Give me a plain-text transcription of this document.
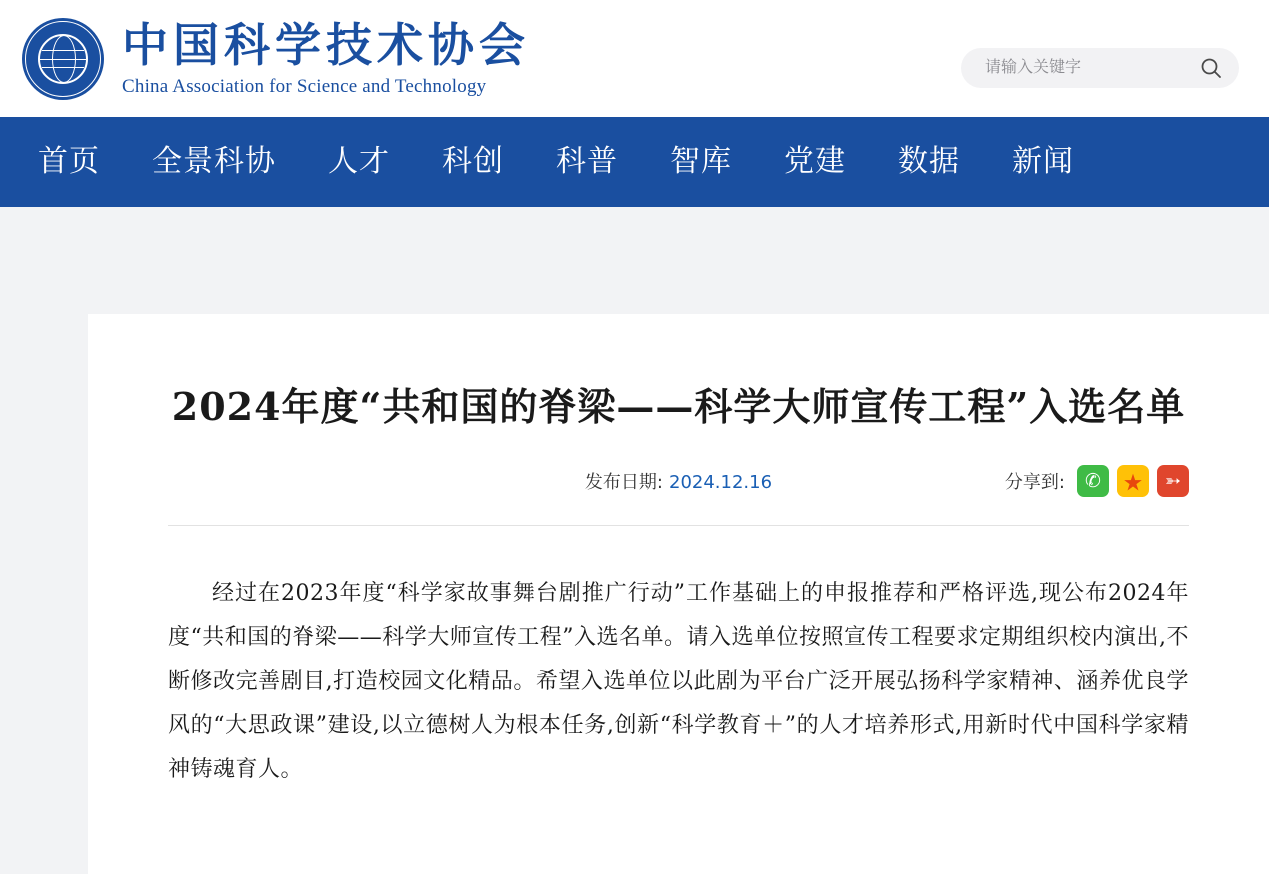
中国科学技术协会
China Association for Science and Technology
请输入关键字
首页	全景科协	人才	科创	科普	智库	党建	数据	新闻
2024年度“共和国的脊梁——科学大师宣传工程”入选名单
发布日期: 2024.12.16	分享到:	✆	★	➳
经过在2023年度“科学家故事舞台剧推广行动”工作基础上的申报推荐和严格评选,现公布2024年度“共和国的脊梁——科学大师宣传工程”入选名单。请入选单位按照宣传工程要求定期组织校内演出,不断修改完善剧目,打造校园文化精品。希望入选单位以此剧为平台广泛开展弘扬科学家精神、涵养优良学风的“大思政课”建设,以立德树人为根本任务,创新“科学教育＋”的人才培养形式,用新时代中国科学家精神铸魂育人。
